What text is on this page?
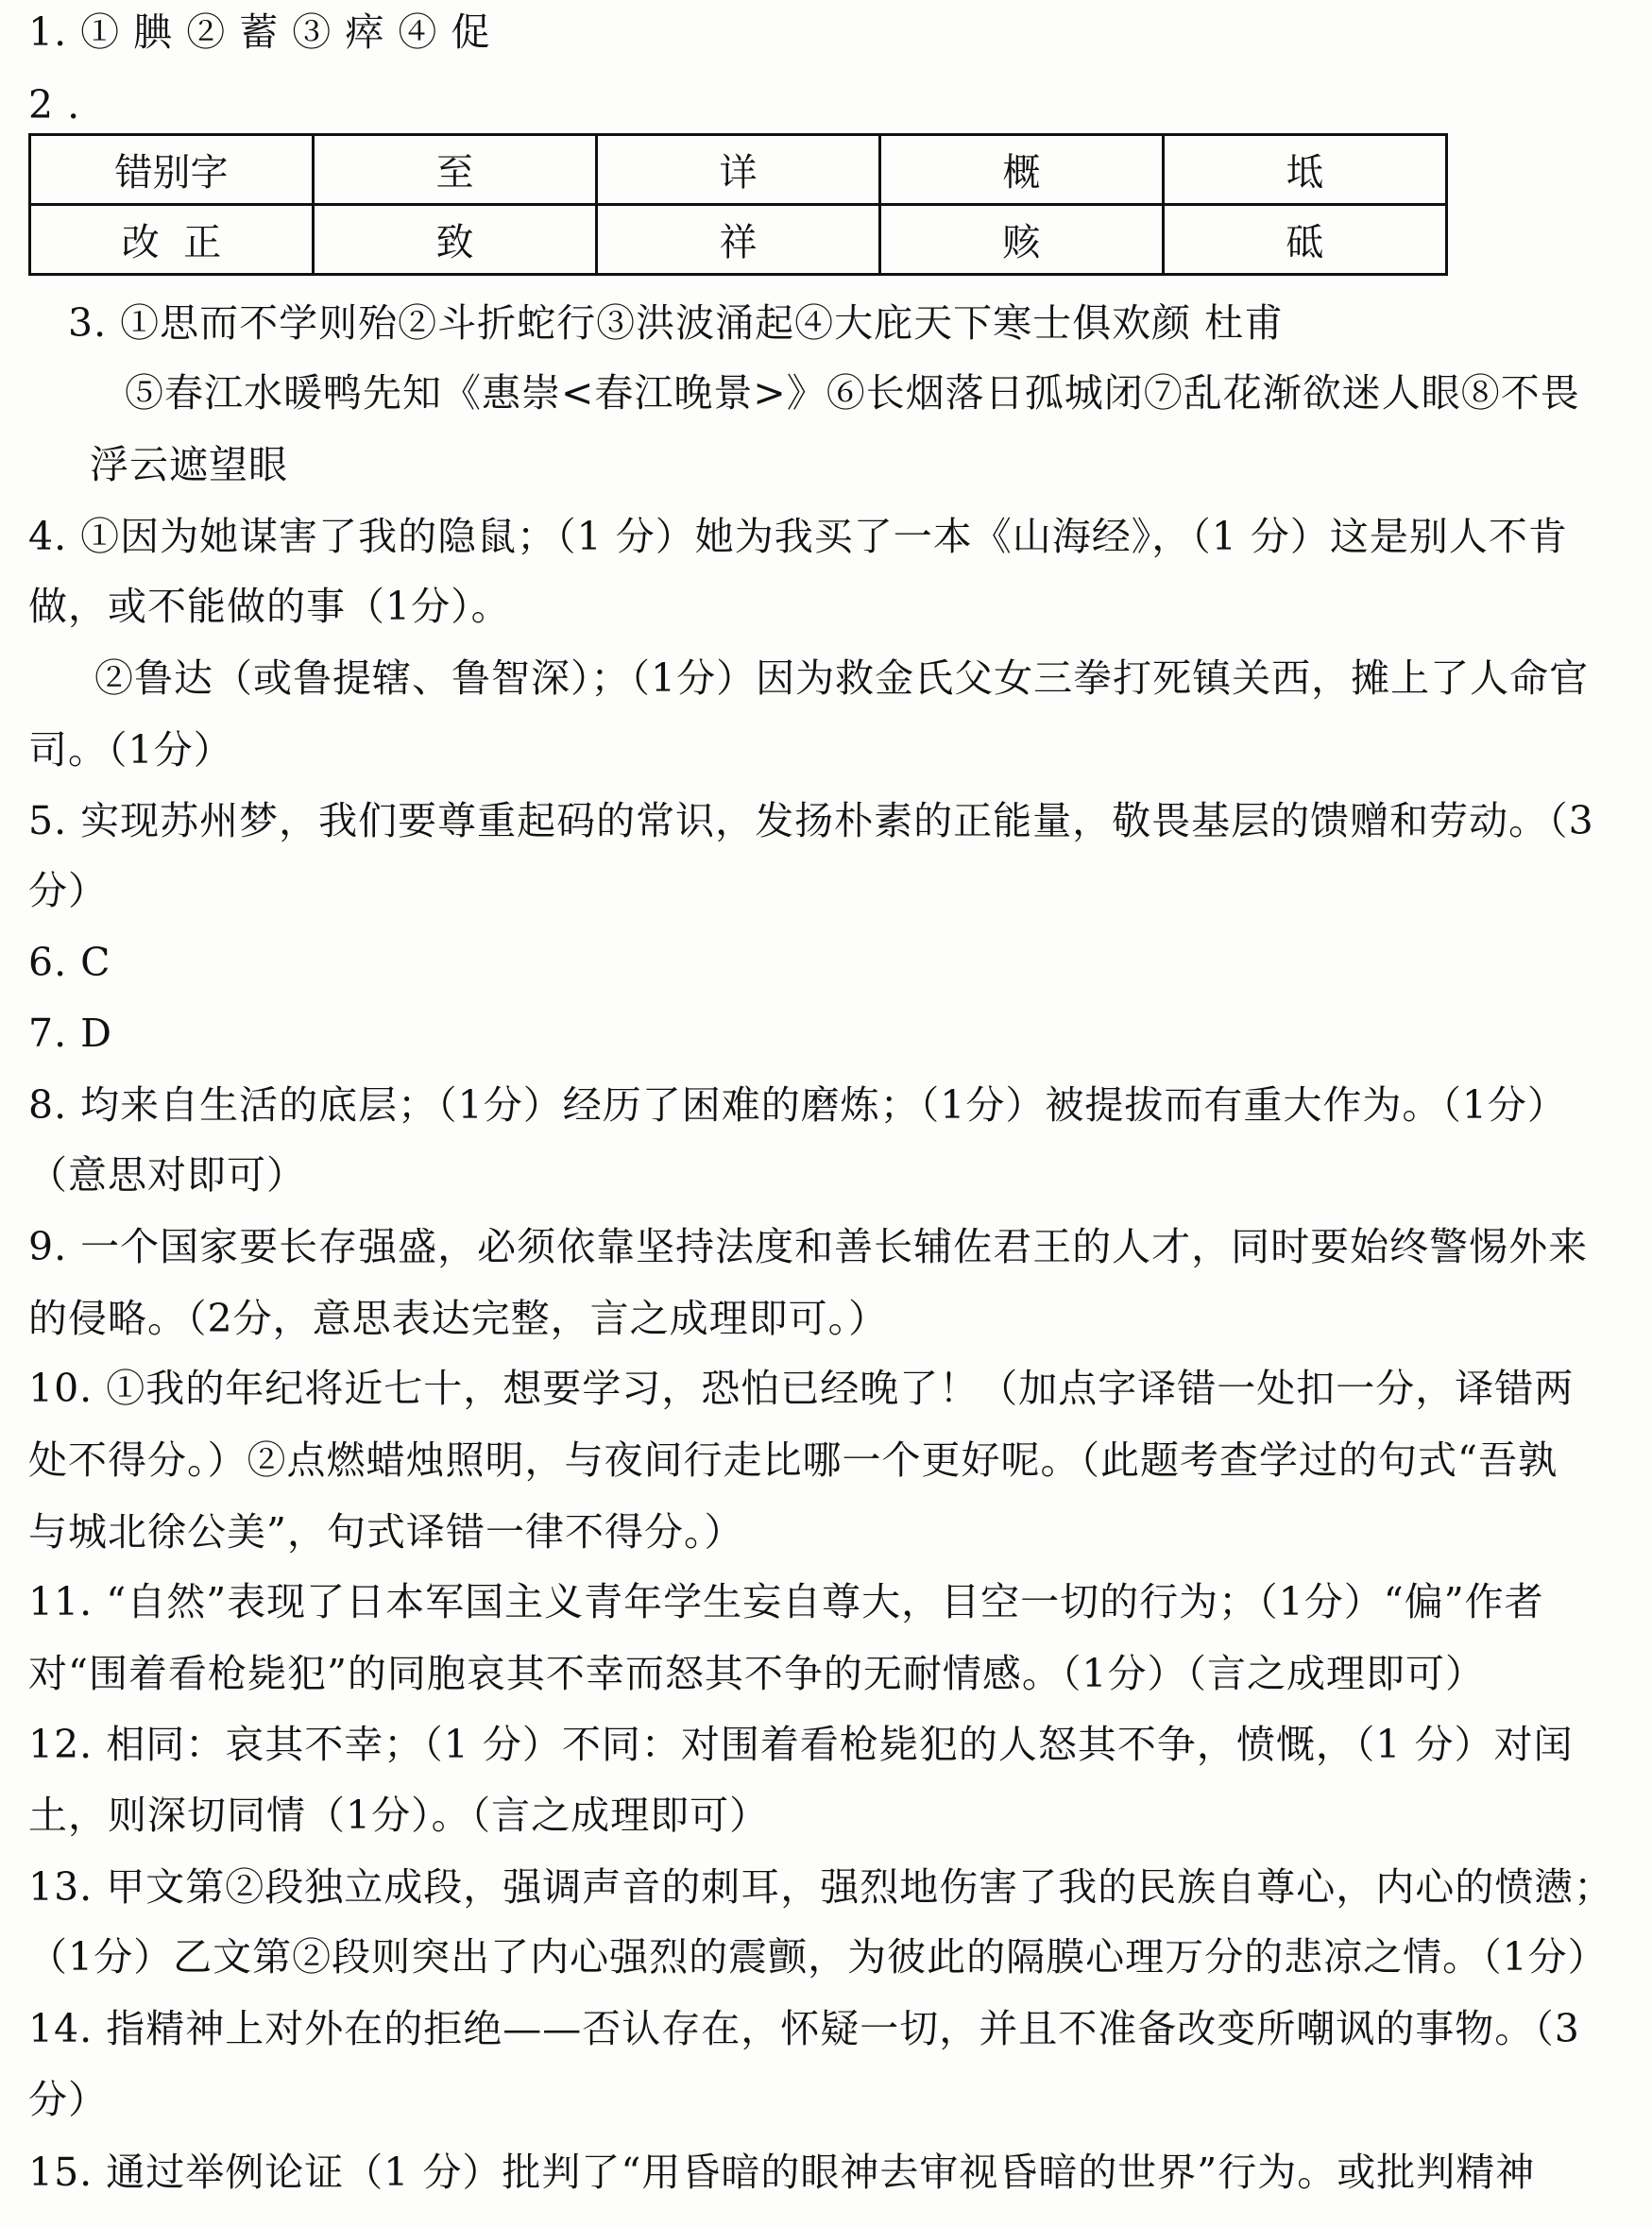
1. ① 腆 ② 蓄 ③ 瘁 ④ 促
2 .
错别字	至	详	概	坻
改  正	致	祥	赅	砥
3. ①思而不学则殆②斗折蛇行③洪波涌起④大庇天下寒士俱欢颜 杜甫
⑤春江水暖鸭先知《惠崇<春江晚景>》⑥长烟落日孤城闭⑦乱花渐欲迷人眼⑧不畏
浮云遮望眼
4. ①因为她谋害了我的隐鼠；（1 分）她为我买了一本《山海经》，（1 分）这是别人不肯
做，或不能做的事（1分）。
②鲁达（或鲁提辖、鲁智深）；（1分）因为救金氏父女三拳打死镇关西，摊上了人命官
司。（1分）
5. 实现苏州梦，我们要尊重起码的常识，发扬朴素的正能量，敬畏基层的馈赠和劳动。（3
分）
6. C
7. D
8. 均来自生活的底层；（1分）经历了困难的磨炼；（1分）被提拔而有重大作为。（1分）
（意思对即可）
9. 一个国家要长存强盛，必须依靠坚持法度和善长辅佐君王的人才，同时要始终警惕外来
的侵略。（2分，意思表达完整，言之成理即可。）
10. ①我的年纪将近七十，想要学习，恐怕已经晚了！（加点字译错一处扣一分，译错两
处不得分。）②点燃蜡烛照明，与夜间行走比哪一个更好呢。（此题考查学过的句式“吾孰
与城北徐公美”，句式译错一律不得分。）
11. “自然”表现了日本军国主义青年学生妄自尊大，目空一切的行为；（1分）“偏”作者
对“围着看枪毙犯”的同胞哀其不幸而怒其不争的无耐情感。（1分）（言之成理即可）
12. 相同：哀其不幸；（1 分）不同：对围着看枪毙犯的人怒其不争，愤慨，（1 分）对闰
土，则深切同情（1分）。（言之成理即可）
13. 甲文第②段独立成段，强调声音的刺耳，强烈地伤害了我的民族自尊心，内心的愤懑；
（1分）乙文第②段则突出了内心强烈的震颤，为彼此的隔膜心理万分的悲凉之情。（1分）
14. 指精神上对外在的拒绝——否认存在，怀疑一切，并且不准备改变所嘲讽的事物。（3
分）
15. 通过举例论证（1 分）批判了“用昏暗的眼神去审视昏暗的世界”行为。或批判精神
